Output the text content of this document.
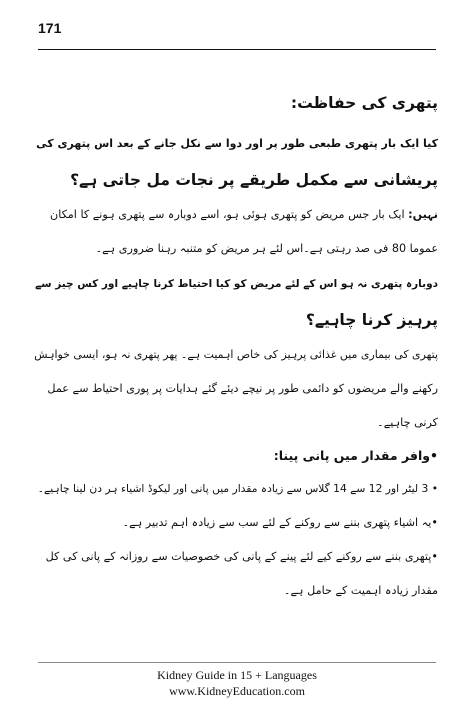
171

پتھری کی حفاظت:

کیا ایک بار پتھری طبعی طور پر اور دوا سے نکل جانے کے بعد اس پتھری کی

پریشانی سے مکمل طریقے پر نجات مل جاتی ہے؟

نہیں: ایک بار جس مریض کو پتھری ہوئی ہو، اسے دوبارہ سے پتھری ہونے کا امکان

عموما 80 فی صد رہتی ہے۔اس لئے ہر مریض کو متنبہ رہنا ضروری ہے۔

دوبارہ پتھری نہ ہو اس کے لئے مریض کو کیا احتیاط کرنا چاہیے اور کس چیز سے

پرہیز کرنا چاہیے؟

پتھری کی بیماری میں غذائی پرہیز کی خاص اہمیت ہے۔ پھر پتھری نہ ہو، ایسی خواہش

رکھنے والے مریضوں کو دائمی طور پر نیچے دیئے گئے ہدایات پر پوری احتیاط سے عمل

کرنی چاہیے۔

•وافر مقدار میں پانی پینا:

• 3 لیٹر اور 12 سے 14 گلاس سے زیادہ مقدار میں پانی اور لیکوڈ اشیاء ہر دن لینا چاہیے۔

•یہ اشیاء پتھری بننے سے روکنے کے لئے سب سے زیادہ اہم تدبیر ہے۔

•پتھری بننے سے روکنے کیے لئے پینے کے پانی کی خصوصیات سے روزانہ کے پانی کی کل

مقدار زیادہ اہمیت کے حامل ہے۔

Kidney Guide in 15 + Languages
www.KidneyEducation.com
